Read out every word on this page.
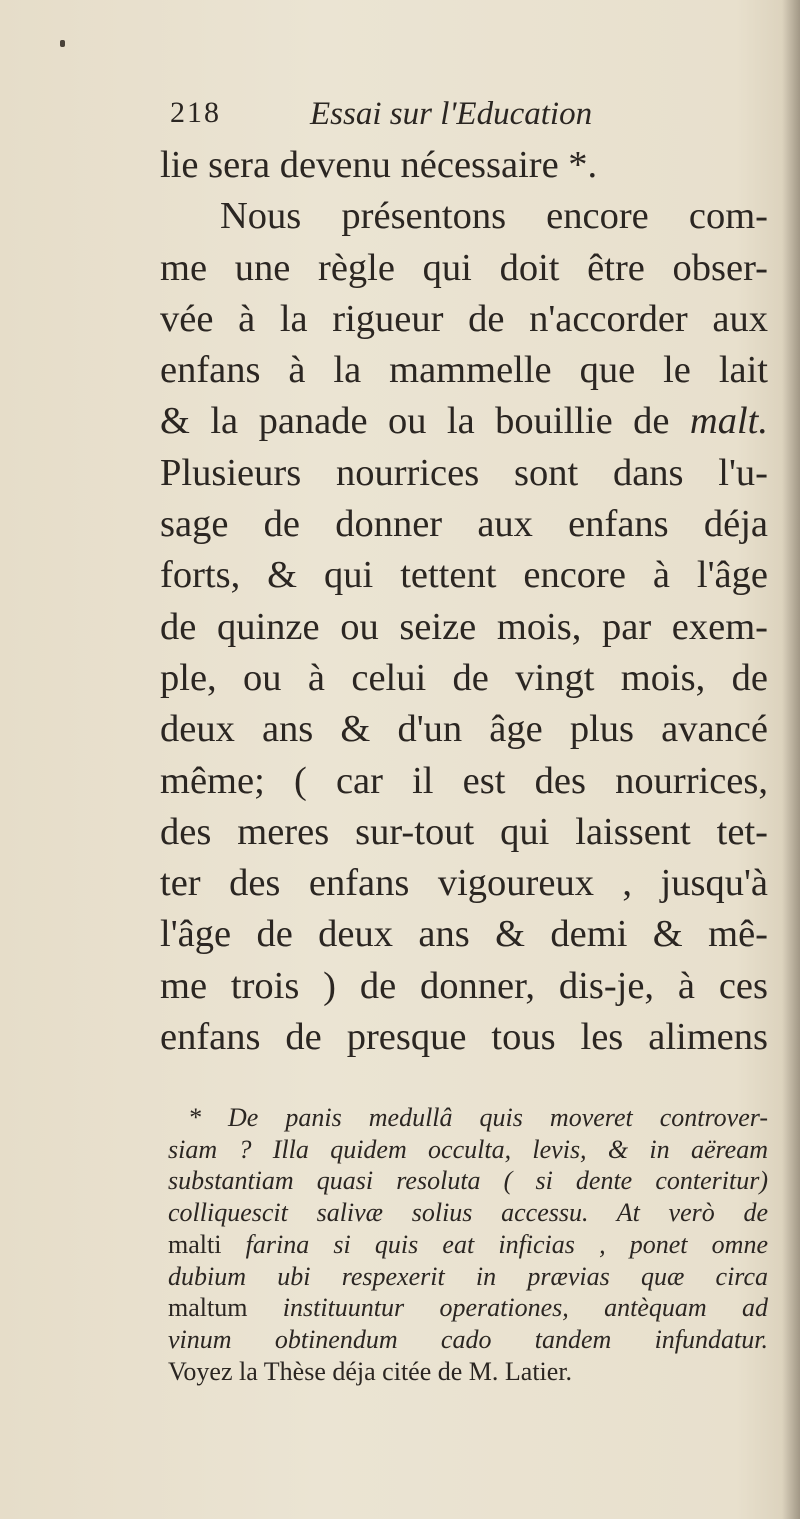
218	Essai sur l'Education
lie sera devenu nécessaire *.
Nous présentons encore com-
me une règle qui doit être obser-
vée à la rigueur de n'accorder aux
enfans à la mammelle que le lait
& la panade ou la bouillie de malt.
Plusieurs nourrices sont dans l'u-
sage de donner aux enfans déja
forts, & qui tettent encore à l'âge
de quinze ou seize mois, par exem-
ple, ou à celui de vingt mois, de
deux ans & d'un âge plus avancé
même; ( car il est des nourrices,
des meres sur-tout qui laissent tet-
ter des enfans vigoureux , jusqu'à
l'âge de deux ans & demi & mê-
me trois ) de donner, dis-je, à ces
enfans de presque tous les alimens
* De panis medullâ quis moveret controver-
siam ? Illa quidem occulta, levis, & in aëream
substantiam quasi resoluta ( si dente conteritur)
colliquescit salivæ solius accessu. At verò de
malti farina si quis eat inficias , ponet omne
dubium ubi respexerit in prævias quæ circa
maltum instituuntur operationes, antèquam ad
vinum obtinendum cado tandem infundatur.
Voyez la Thèse déja citée de M. Latier.
